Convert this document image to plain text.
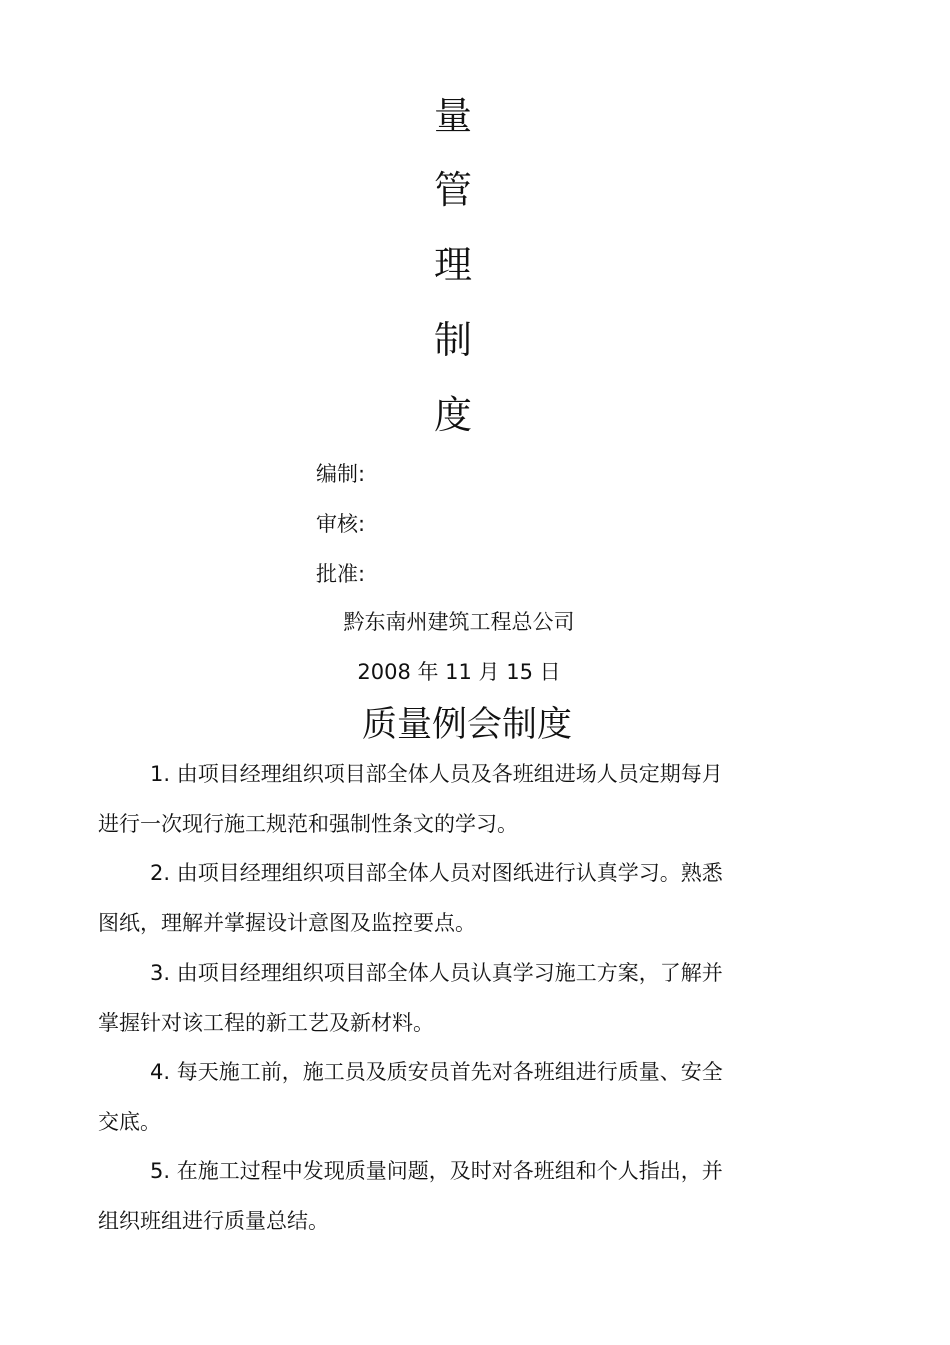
量
管
理
制
度
编制:
审核:
批准:
黔东南州建筑工程总公司
2008 年 11 月 15 日
质量例会制度
1. 由项目经理组织项目部全体人员及各班组进场人员定期每月
进行一次现行施工规范和强制性条文的学习。
2. 由项目经理组织项目部全体人员对图纸进行认真学习。熟悉
图纸，理解并掌握设计意图及监控要点。
3. 由项目经理组织项目部全体人员认真学习施工方案，了解并
掌握针对该工程的新工艺及新材料。
4. 每天施工前，施工员及质安员首先对各班组进行质量、安全
交底。
5. 在施工过程中发现质量问题，及时对各班组和个人指出，并
组织班组进行质量总结。
